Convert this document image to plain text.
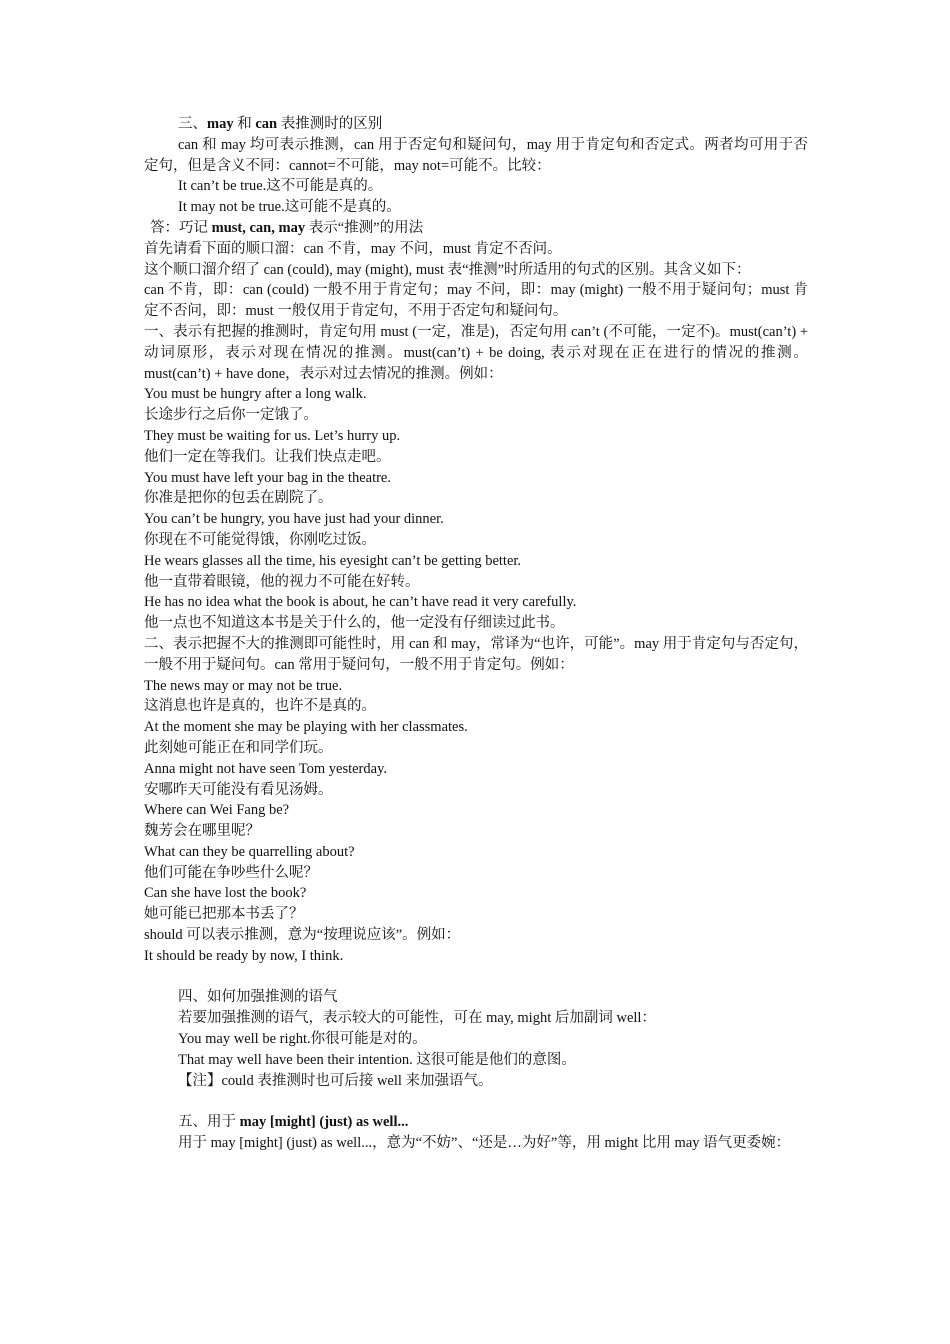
三、may 和 can 表推测时的区别

can 和 may 均可表示推测，can 用于否定句和疑问句，may 用于肯定句和否定式。两者均可用于否定句，但是含义不同：cannot=不可能，may not=可能不。比较：

It can’t be true.这不可能是真的。

It may not be true.这可能不是真的。

答：巧记 must, can, may 表示“推测”的用法

首先请看下面的顺口溜：can 不肯，may 不问，must 肯定不否问。

这个顺口溜介绍了 can (could), may (might), must 表“推测”时所适用的句式的区别。其含义如下：

can 不肯，即：can (could) 一般不用于肯定句；may 不问，即：may (might) 一般不用于疑问句；must 肯定不否问，即：must 一般仅用于肯定句，不用于否定句和疑问句。

一、表示有把握的推测时，肯定句用 must (一定，准是)，否定句用 can’t (不可能，一定不)。must(can’t) + 动词原形，表示对现在情况的推测。must(can’t) + be doing, 表示对现在正在进行的情况的推测。must(can’t) + have done，表示对过去情况的推测。例如：

You must be hungry after a long walk.

长途步行之后你一定饿了。

They must be waiting for us. Let’s hurry up.

他们一定在等我们。让我们快点走吧。

You must have left your bag in the theatre.

你准是把你的包丢在剧院了。

You can’t be hungry, you have just had your dinner.

你现在不可能觉得饿，你刚吃过饭。

He wears glasses all the time, his eyesight can’t be getting better.

他一直带着眼镜，他的视力不可能在好转。

He has no idea what the book is about, he can’t have read it very carefully.

他一点也不知道这本书是关于什么的，他一定没有仔细读过此书。

二、表示把握不大的推测即可能性时，用 can 和 may，常译为“也许，可能”。may 用于肯定句与否定句，一般不用于疑问句。can 常用于疑问句，一般不用于肯定句。例如：

The news may or may not be true.

这消息也许是真的，也许不是真的。

At the moment she may be playing with her classmates.

此刻她可能正在和同学们玩。

Anna might not have seen Tom yesterday.

安哪昨天可能没有看见汤姆。

Where can Wei Fang be?

魏芳会在哪里呢？

What can they be quarrelling about?

他们可能在争吵些什么呢？

Can she have lost the book?

她可能已把那本书丢了？

should 可以表示推测，意为“按理说应该”。例如：

It should be ready by now, I think.

四、如何加强推测的语气

若要加强推测的语气，表示较大的可能性，可在 may, might 后加副词 well：

You may well be right.你很可能是对的。

That may well have been their intention. 这很可能是他们的意图。

【注】could 表推测时也可后接 well 来加强语气。

五、用于 may [might] (just) as well...

用于 may [might] (just) as well...，意为“不妨”、“还是…为好”等，用 might 比用 may 语气更委婉：
